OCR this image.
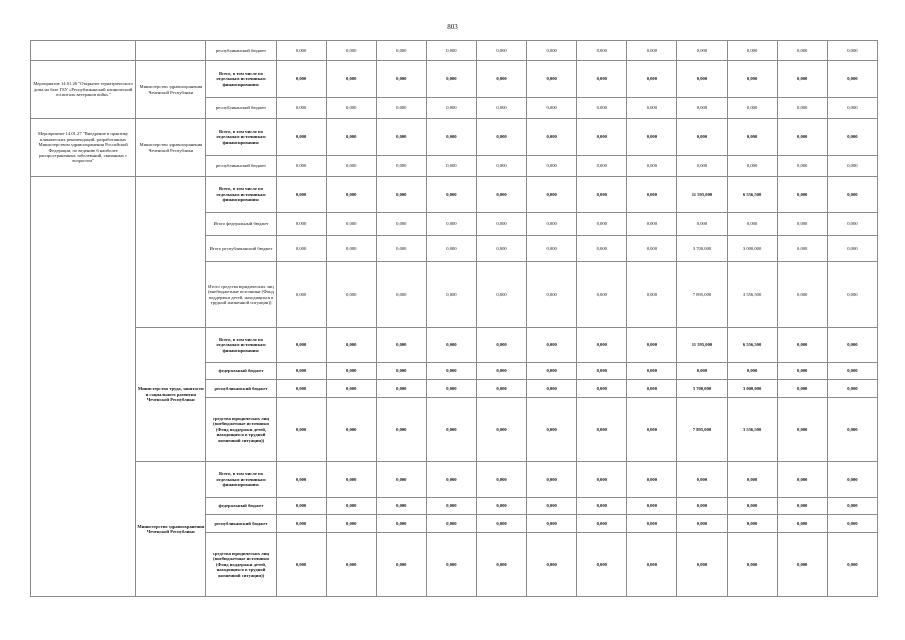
803
		республиканский бюджет	0,000	0,000	0,000	0,000	0,000	0,000	0,000	0,000	0,000	0,000	0,000	0,000
Мероприятие 14.01.26 "Открытие гериатрического дома на базе ГБУ «Республиканский клинический госпиталь ветеранов войн»"	Министерство здравоохранения Чеченской Республики	Всего, в том числе по отдельным источникам финансирования:	0,000	0,000	0,000	0,000	0,000	0,000	0,000	0,000	0,000	0,000	0,000	0,000
		республиканский бюджет	0,000	0,000	0,000	0,000	0,000	0,000	0,000	0,000	0,000	0,000	0,000	0,000
Мероприятие 14.01.27 "Внедрение в практику клинических рекомендаций, разработанных Министерством здравоохранения Российской Федерации, по ведению 6 наиболее распространенных заболеваний, связанных с возрастом"	Министерство здравоохранения Чеченской Республики	Всего, в том числе по отдельным источникам финансирования:	0,000	0,000	0,000	0,000	0,000	0,000	0,000	0,000	0,000	0,000	0,000	0,000
		республиканский бюджет	0,000	0,000	0,000	0,000	0,000	0,000	0,000	0,000	0,000	0,000	0,000	0,000
		Всего, в том числе по отдельным источникам финансирования:	0,000	0,000	0,000	0,000	0,000	0,000	0,000	0,000	11 595,000	6 556,500	0,000	0,000
		Итого федеральный бюджет	0,000	0,000	0,000	0,000	0,000	0,000	0,000	0,000	0,000	0,000	0,000	0,000
		Итого республиканский бюджет	0,000	0,000	0,000	0,000	0,000	0,000	0,000	0,000	3 700,000	3 000,000	0,000	0,000
		Итого средства юридических лиц (внебюджетные источники (Фонд поддержки детей, находящихся в трудной жизненной ситуации))	0,000	0,000	0,000	0,000	0,000	0,000	0,000	0,000	7 895,000	3 556,500	0,000	0,000
	Министерство труда, занятости и социального развития Чеченской Республики	Всего, в том числе по отдельным источникам финансирования:	0,000	0,000	0,000	0,000	0,000	0,000	0,000	0,000	11 595,000	6 556,500	0,000	0,000
		федеральный бюджет	0,000	0,000	0,000	0,000	0,000	0,000	0,000	0,000	0,000	0,000	0,000	0,000
		республиканский бюджет	0,000	0,000	0,000	0,000	0,000	0,000	0,000	0,000	3 700,000	3 000,000	0,000	0,000
		средства юридических лиц (внебюджетные источники (Фонд поддержки детей, находящихся в трудной жизненной ситуации))	0,000	0,000	0,000	0,000	0,000	0,000	0,000	0,000	7 895,000	3 556,500	0,000	0,000
	Министерство здравоохранения Чеченской Республики	Всего, в том числе по отдельным источникам финансирования:	0,000	0,000	0,000	0,000	0,000	0,000	0,000	0,000	0,000	0,000	0,000	0,000
		федеральный бюджет	0,000	0,000	0,000	0,000	0,000	0,000	0,000	0,000	0,000	0,000	0,000	0,000
		республиканский бюджет	0,000	0,000	0,000	0,000	0,000	0,000	0,000	0,000	0,000	0,000	0,000	0,000
		средства юридических лиц (внебюджетные источники (Фонд поддержки детей, находящихся в трудной жизненной ситуации))	0,000	0,000	0,000	0,000	0,000	0,000	0,000	0,000	0,000	0,000	0,000	0,000
